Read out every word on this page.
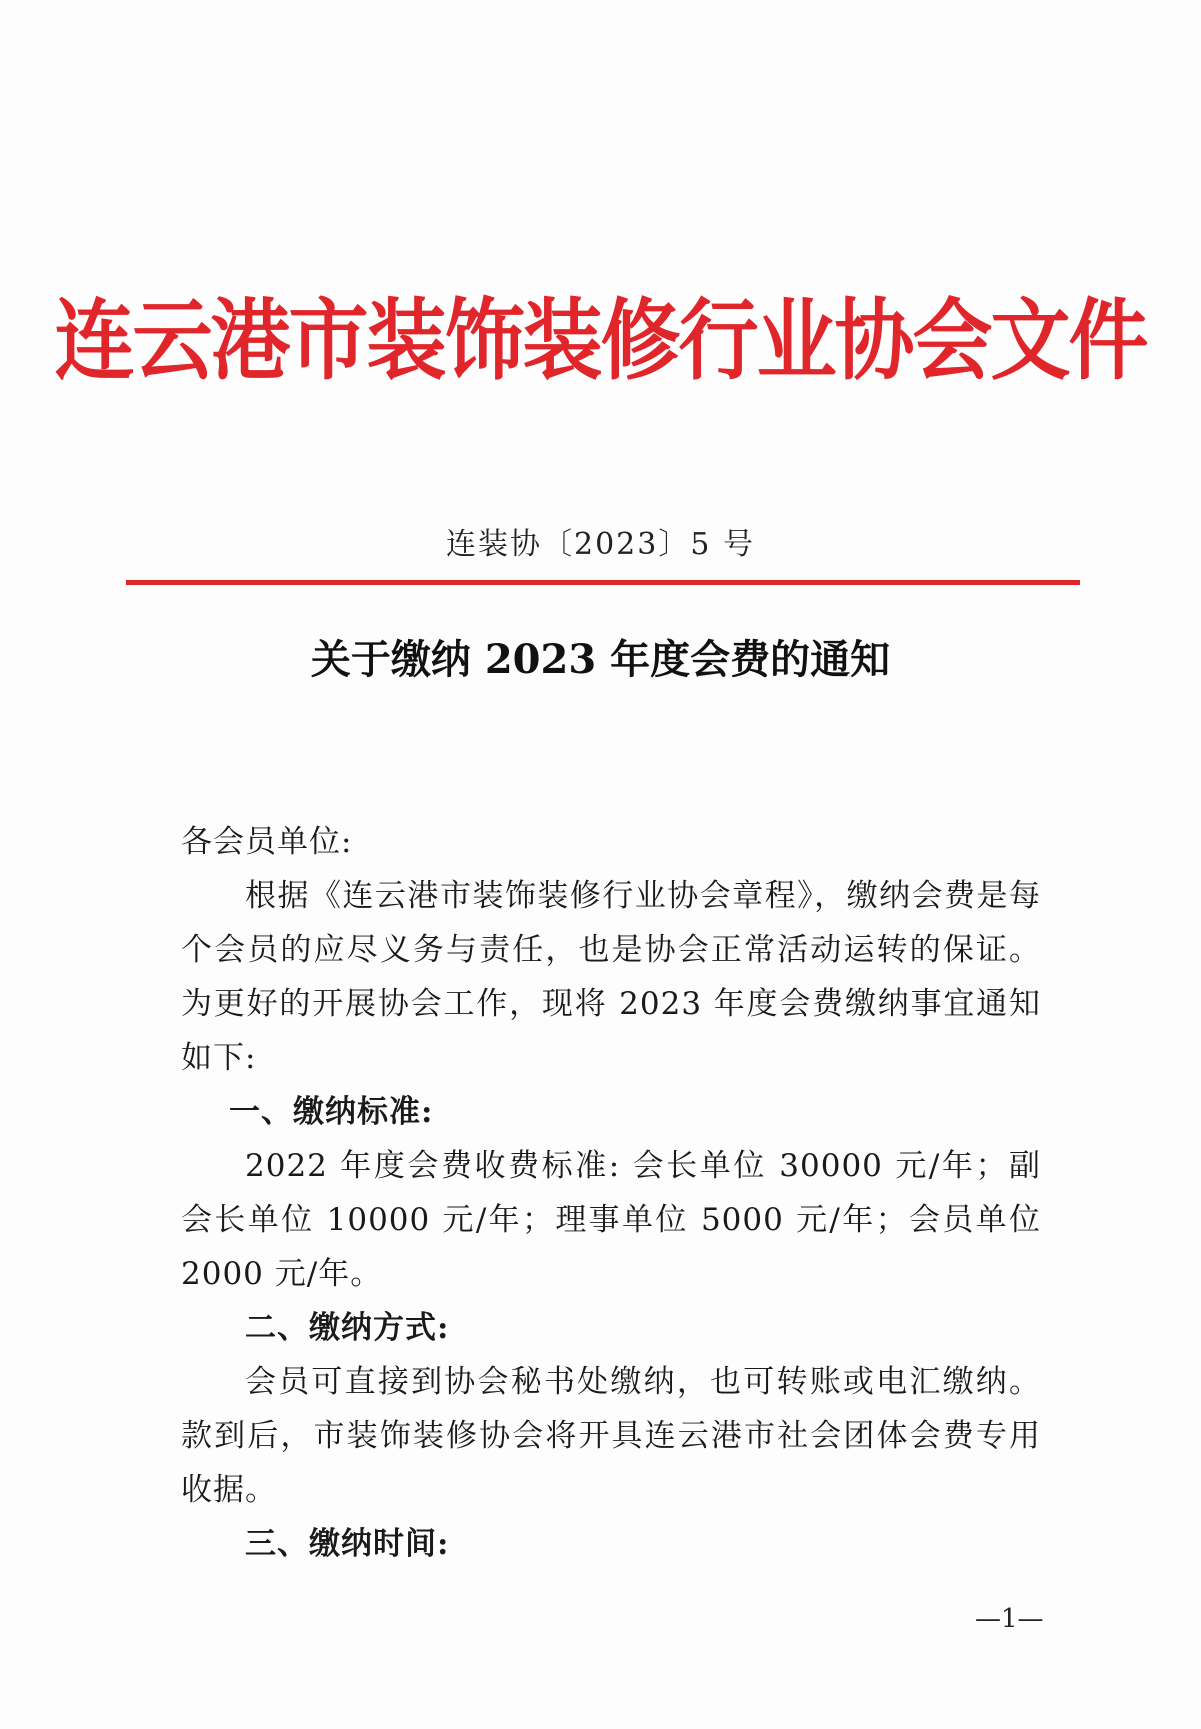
连云港市装饰装修行业协会文件
连装协〔2023〕5 号
关于缴纳 2023 年度会费的通知

各会员单位:

根据《连云港市装饰装修行业协会章程》，缴纳会费是每个会员的应尽义务与责任，也是协会正常活动运转的保证。为更好的开展协会工作，现将 2023 年度会费缴纳事宜通知如下:

一、缴纳标准:

2022 年度会费收费标准: 会长单位 30000 元/年；副会长单位 10000 元/年；理事单位 5000 元/年；会员单位 2000 元/年。

二、缴纳方式:

会员可直接到协会秘书处缴纳，也可转账或电汇缴纳。款到后，市装饰装修协会将开具连云港市社会团体会费专用收据。

三、缴纳时间:

—1—
